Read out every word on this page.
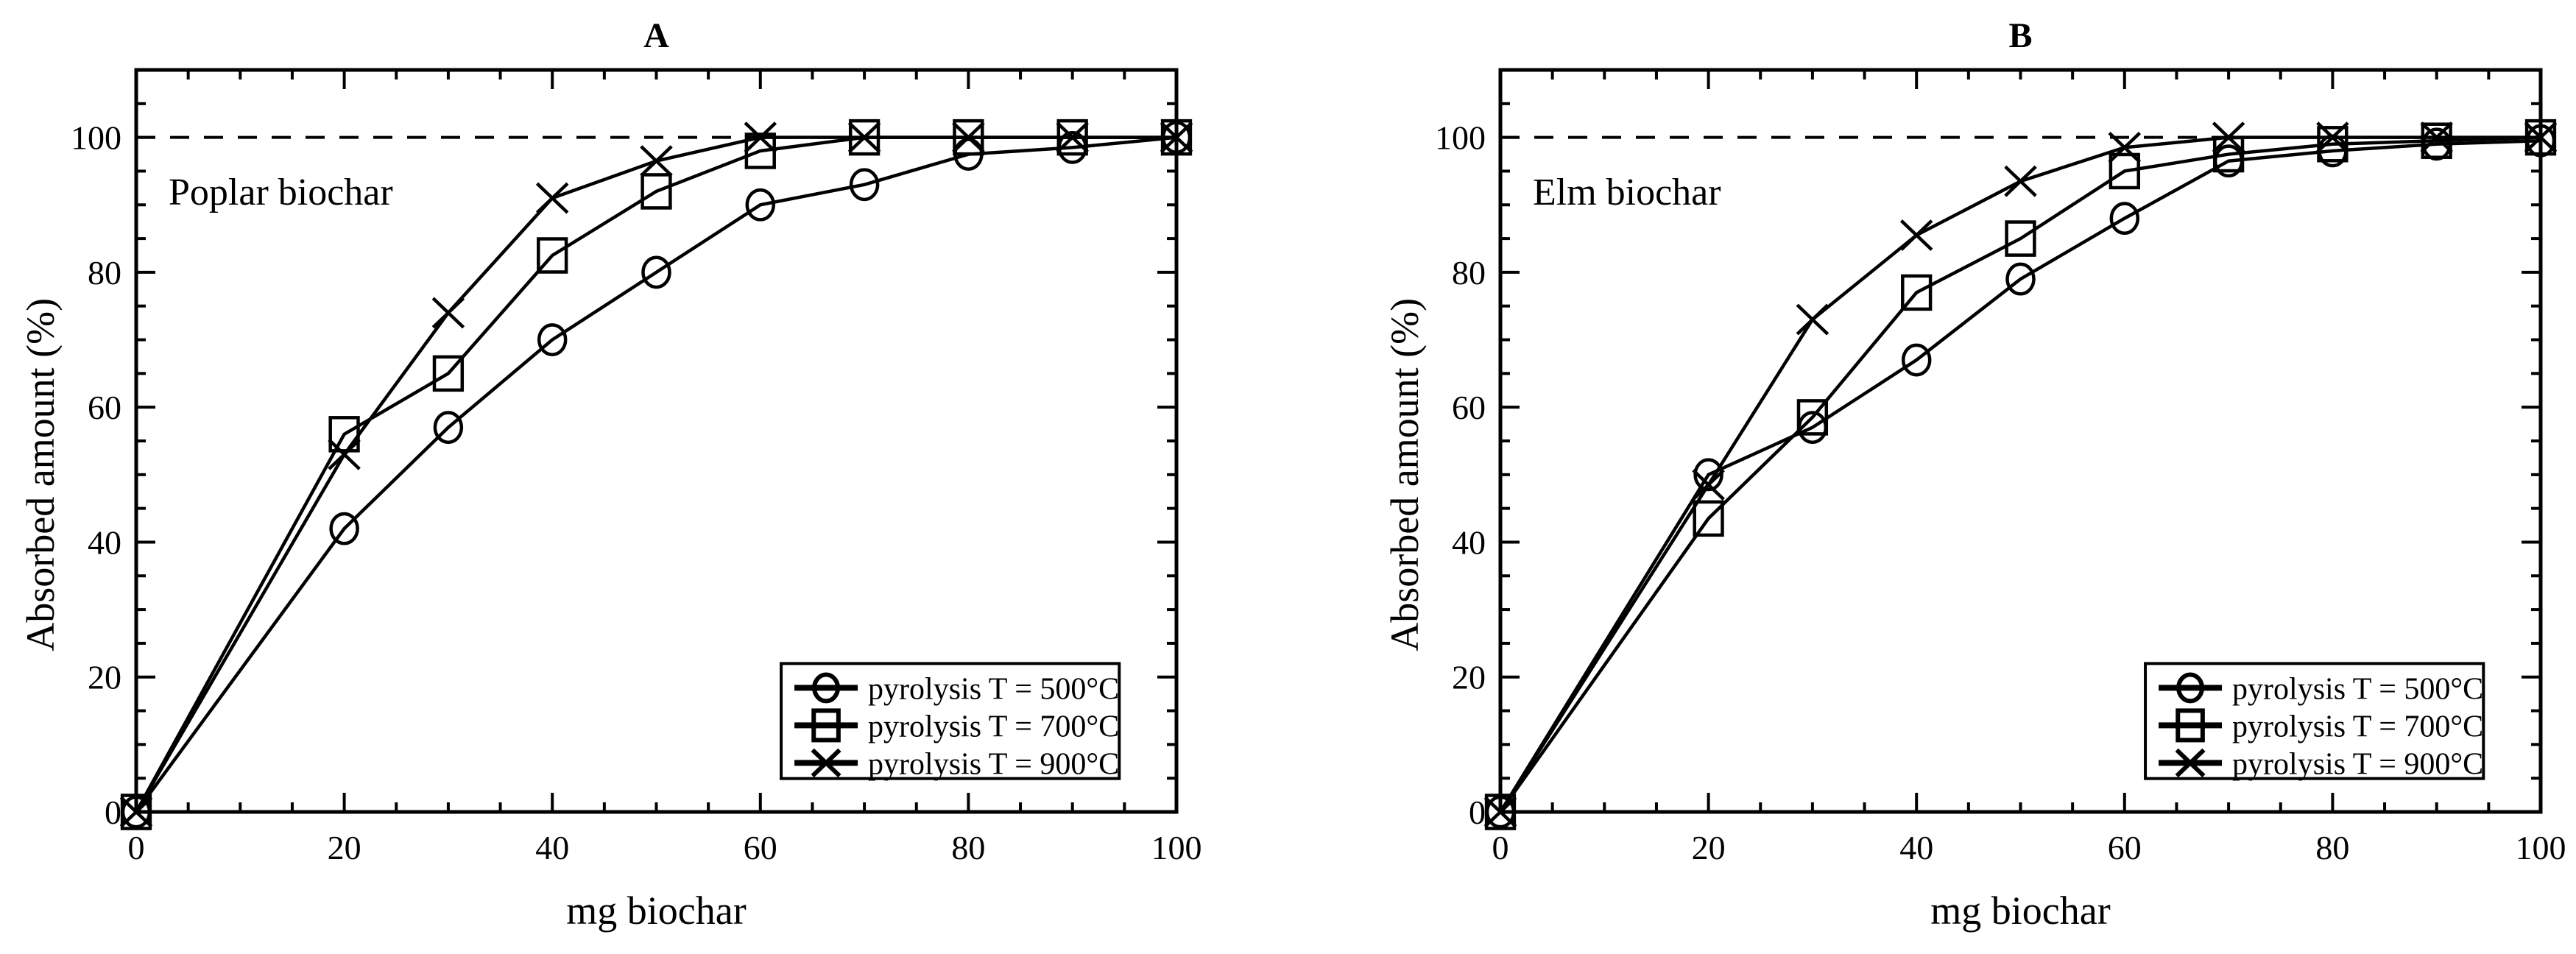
0	20	40	60	80	100
0
20
40
60
80
100
mg biochar
Absorbed amount (%)
A
Poplar biochar
pyrolysis T = 500°C
pyrolysis T = 700°C
pyrolysis T = 900°C
0	20	40	60	80	100
0
20
40
60
80
100
mg biochar
Absorbed amount (%)
B
Elm biochar
pyrolysis T = 500°C
pyrolysis T = 700°C
pyrolysis T = 900°C
